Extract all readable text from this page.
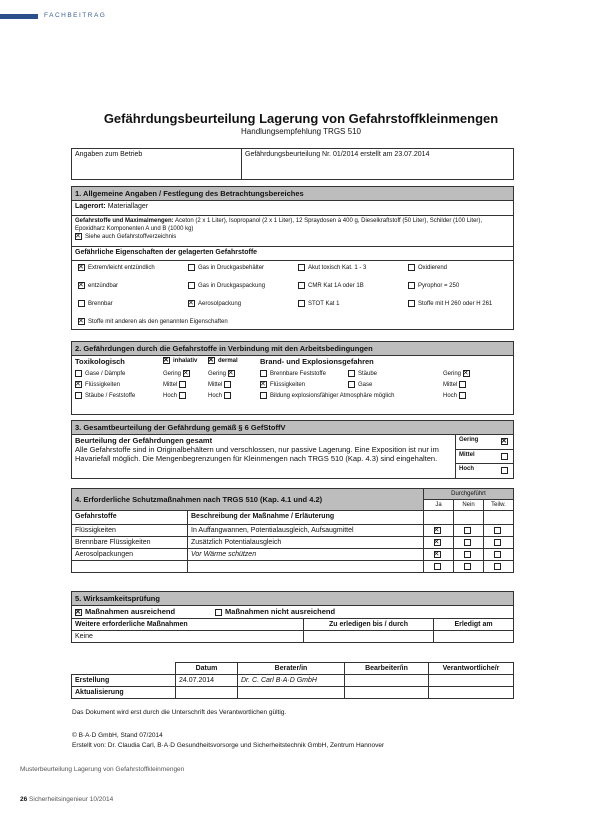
FACHBEITRAG
Gefährdungsbeurteilung Lagerung von Gefahrstoffkleinmengen
Handlungsempfehlung TRGS 510
Angaben zum Betrieb	Gefährdungsbeurteilung Nr. 01/2014 erstellt am 23.07.2014
1. Allgemeine Angaben / Festlegung des Betrachtungsbereiches
Lagerort: Materiallager
Gefahrstoffe und Maximalmengen: Aceton (2 x 1 Liter), Isopropanol (2 x 1 Liter), 12 Spraydosen à 400 g, Dieselkraftstoff (50 Liter), Schilder (100 Liter), Epoxidharz Komponenten A und B (1000 kg)
✕Siehe auch Gefahrstoffverzeichnis
Gefährliche Eigenschaften der gelagerten Gefahrstoffe

✕Extrem/leicht entzündlich	Gas in Druckgasbehälter	Akut toxisch Kat. 1 - 3	Oxidierend
✕entzündbar	Gas in Druckgaspackung	CMR Kat 1A oder 1B	Pyrophor = 250
Brennbar	✕Aerosolpackung	STOT Kat 1	Stoffe mit H 260 oder H 261
✕Stoffe mit anderen als den genannten Eigenschaften
2. Gefährdungen durch die Gefahrstoffe in Verbindung mit den Arbeitsbedingungen

Toxikologisch	✕inhalativ	✕dermal	Brand- und Explosionsgefahren
Gase / Dämpfe	Gering ✕	Gering ✕	Brennbare Feststoffe	Stäube	Gering ✕
✕Flüssigkeiten	Mittel	Mittel	✕Flüssigkeiten	Gase	Mittel
Stäube / Feststoffe	Hoch	Hoch	Bildung explosionsfähiger Atmosphäre möglich	Hoch
3. Gesamtbeurteilung der Gefährdung gemäß § 6 GefStoffV
Beurteilung der Gefährdungen gesamt
Alle Gefahrstoffe sind in Originalbehältern und verschlossen, nur passive Lagerung. Eine Exposition ist nur im Havariefall möglich. Die Mengenbegrenzungen für Kleinmengen nach TRGS 510 (Kap. 4.3) sind eingehalten.	
Gering
✕

Mittel

Hoch
4. Erforderliche Schutzmaßnahmen nach TRGS 510 (Kap. 4.1 und 4.2)		Durchgeführt		
		Ja	Nein	Teilw.
Gefahrstoffe	Beschreibung der Maßnahme / Erläuterung			
Flüssigkeiten	In Auffangwannen, Potentialausgleich, Aufsaugmittel	✕		
Brennbare Flüssigkeiten	Zusätzlich Potentialausgleich	✕		
Aerosolpackungen	Vor Wärme schützen	✕		

5. Wirksamkeitsprüfung		
✕Maßnahmen ausreichend Maßnahmen nicht ausreichend
Weitere erforderliche Maßnahmen	Zu erledigen bis / durch	Erledigt am
Keine		
	Datum	Berater/in	Bearbeiter/in	Verantwortliche/r
Erstellung	24.07.2014	Dr. C. Carl B·A·D GmbH		
Aktualisierung				
Das Dokument wird erst durch die Unterschrift des Verantwortlichen gültig.
© B·A·D GmbH, Stand 07/2014
Erstellt von: Dr. Claudia Carl, B·A·D Gesundheitsvorsorge und Sicherheitstechnik GmbH, Zentrum Hannover
Musterbeurteilung Lagerung von Gefahrstoffkleinmengen
26 Sicherheitsingenieur 10/2014
